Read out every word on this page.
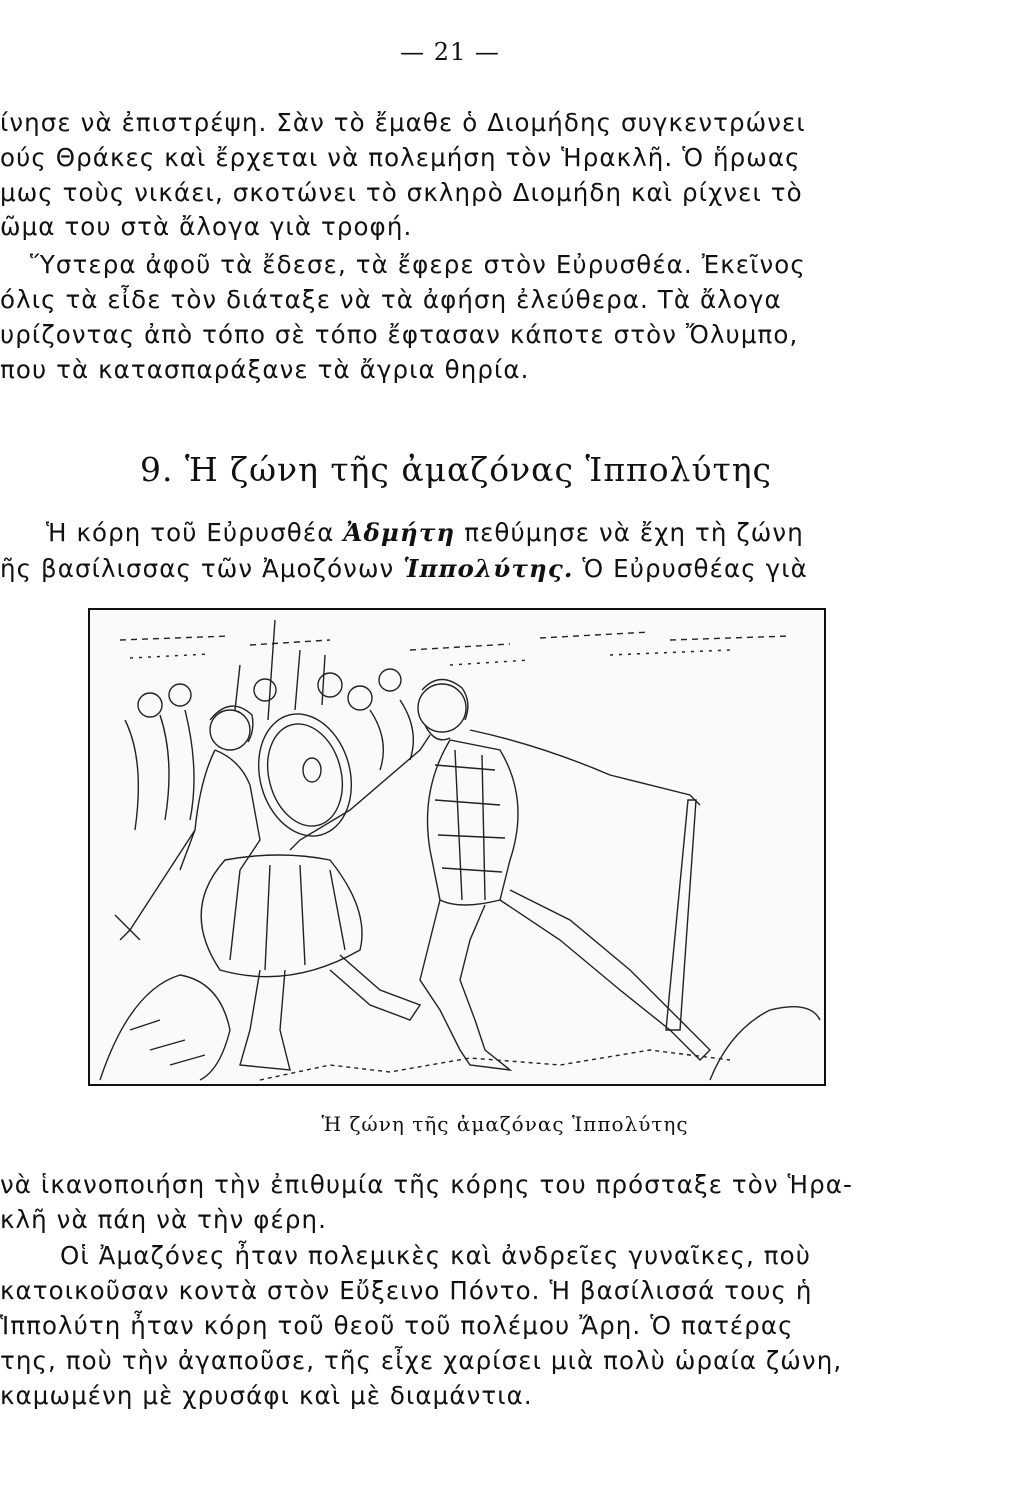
— 21 —
ίνησε νὰ ἐπιστρέψη. Σὰν τὸ ἔμαθε ὁ Διομήδης συγκεντρώνει
ούς Θράκες καὶ ἔρχεται νὰ πολεμήση τὸν Ἡρακλῆ. Ὁ ἥρωας
μως τοὺς νικάει, σκοτώνει τὸ σκληρὸ Διομήδη καὶ ρίχνει τὸ
ῶμα του στὰ ἄλογα γιὰ τροφή.
Ὕστερα ἀφοῦ τὰ ἔδεσε, τὰ ἔφερε στὸν Εὐρυσθέα. Ἐκεῖνος
όλις τὰ εἶδε τὸν διάταξε νὰ τὰ ἀφήση ἐλεύθερα. Τὰ ἄλογα
υρίζοντας ἀπὸ τόπο σὲ τόπο ἔφτασαν κάποτε στὸν Ὄλυμπο,
που τὰ κατασπαράξανε τὰ ἄγρια θηρία.
9. Ἡ ζώνη τῆς ἀμαζόνας Ἱππολύτης
Ἡ κόρη τοῦ Εὐρυσθέα Ἀδμήτη πεθύμησε νὰ ἔχη τὴ ζώνη
ῆς βασίλισσας τῶν Ἀμοζόνων Ἱππολύτης. Ὁ Εὐρυσθέας γιὰ
Ἡ ζώνη τῆς ἀμαζόνας Ἱππολύτης
νὰ ἱκανοποιήση τὴν ἐπιθυμία τῆς κόρης του πρόσταξε τὸν Ἡρα-
κλῆ νὰ πάη νὰ τὴν φέρη.
Οἱ Ἀμαζόνες ἦταν πολεμικὲς καὶ ἀνδρεῖες γυναῖκες, ποὺ
κατοικοῦσαν κοντὰ στὸν Εὔξεινο Πόντο. Ἡ βασίλισσά τους ἡ
Ἱππολύτη ἦταν κόρη τοῦ θεοῦ τοῦ πολέμου Ἄρη. Ὁ πατέρας
της, ποὺ τὴν ἀγαποῦσε, τῆς εἶχε χαρίσει μιὰ πολὺ ὡραία ζώνη,
καμωμένη μὲ χρυσάφι καὶ μὲ διαμάντια.
